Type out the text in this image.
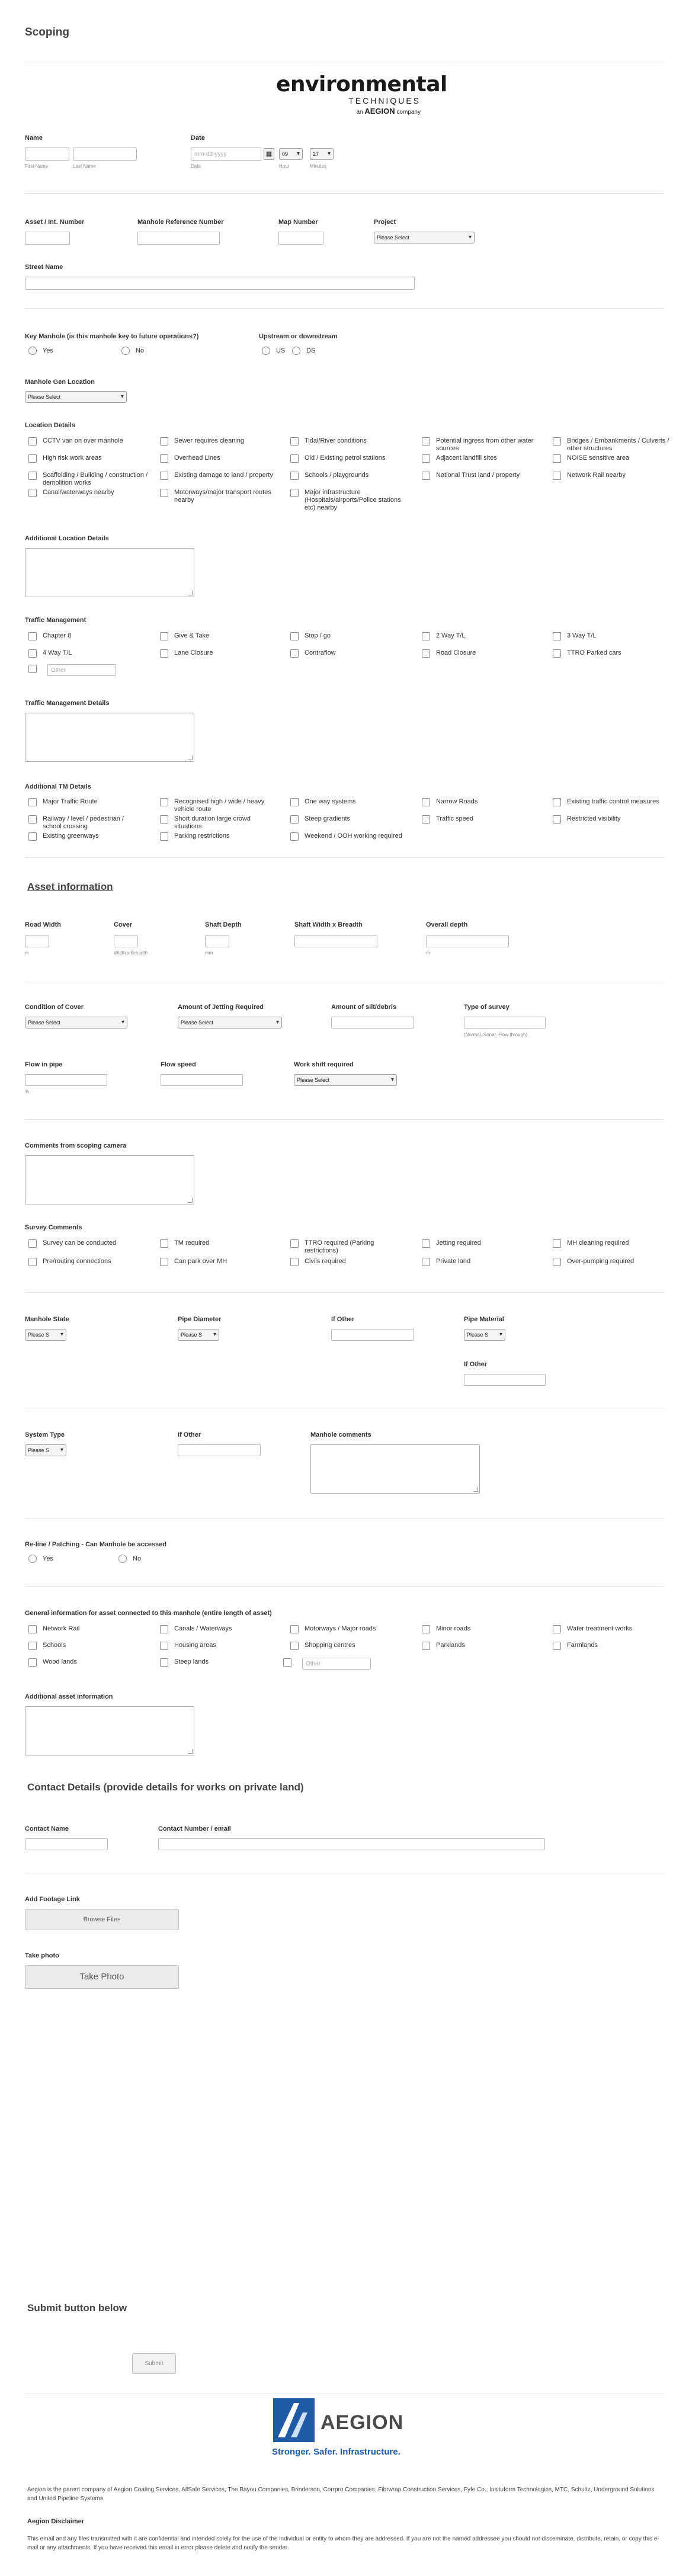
Scoping
environmental
TECHNIQUES
an AEGION company
Name
First Name	Last Name
Date
mm-dd-yyyy
▦	09 ▾	27 ▾
Date	Hour	Minutes
Asset / Int. Number	Manhole Reference Number	Map Number	Project
Please Select ▾
Street Name
Key Manhole (is this manhole key to future operations?)
Yes	No
Upstream or downstream
US	DS
Manhole Gen Location
Please Select ▾
Location Details
CCTV van on over manhole	Sewer requires cleaning	Tidal/River conditions	Potential ingress from other water sources
Bridges / Embankments / Culverts / other structures
High risk work areas	Overhead Lines	Old / Existing petrol stations	Adjacent landfill sites	NOISE sensitive area
Scaffolding / Building / construction / demolition works
Existing damage to land / property	Schools / playgrounds	National Trust land / property	Network Rail nearby
Canal/waterways nearby	Motorways/major transport routes nearby
Major infrastructure (Hospitals/airports/Police stations etc) nearby
Additional Location Details
Traffic Management
Chapter 8	Give & Take	Stop / go	2 Way T/L	3 Way T/L
4 Way T/L	Lane Closure	Contraflow	Road Closure	TTRO Parked cars
Other
Traffic Management Details
Additional TM Details
Major Traffic Route	Recognised high / wide / heavy vehicle route
One way systems	Narrow Roads	Existing traffic control measures
Railway / level / pedestrian / school crossing
Short duration large crowd situations
Steep gradients	Traffic speed	Restricted visibility
Existing greenways	Parking restrictions	Weekend / OOH working required
Asset information
Road Width
m
Cover
Width x Breadth
Shaft Depth
mm
Shaft Width x Breadth	Overall depth
m
Condition of Cover
Please Select ▾
Amount of Jetting Required
Please Select ▾
Amount of silt/debris	Type of survey
(Normal, Sonar, Flow through)
Flow in pipe
%
Flow speed	Work shift required
Please Select ▾
Comments from scoping camera
Survey Comments
Survey can be conducted	TM required	TTRO required (Parking restrictions)
Jetting required	MH cleaning required
Pre/routing connections	Can park over MH	Civils required	Private land	Over-pumping required
Manhole State
Please S ▾
Pipe Diameter
Please S ▾
If Other	Pipe Material
Please S ▾
If Other
System Type
Please S ▾
If Other	Manhole comments
Re-line / Patching - Can Manhole be accessed
Yes	No
General information for asset connected to this manhole (entire length of asset)
Network Rail	Canals / Waterways	Motorways / Major roads	Minor roads	Water treatment works
Schools	Housing areas	Shopping centres	Parklands	Farmlands
Wood lands	Steep lands
Other
Additional asset information
Contact Details (provide details for works on private land)
Contact Name	Contact Number / email
Add Footage Link
Browse Files
Take photo
Take Photo
Submit button below
Submit
AEGION
Stronger. Safer. Infrastructure.
Aegion is the parent company of Aegion Coating Services, AllSafe Services, The Bayou Companies, Brinderson, Corrpro Companies, Fibrwrap Construction Services, Fyfe Co., Insituform Technologies, MTC, Schultz, Underground Solutions and United Pipeline Systems
Aegion Disclaimer
This email and any files transmitted with it are confidential and intended solely for the use of the individual or entity to whom they are addressed. If you are not the named addressee you should not disseminate, distribute, retain, or copy this e-mail or any attachments. If you have received this email in error please delete and notify the sender.
